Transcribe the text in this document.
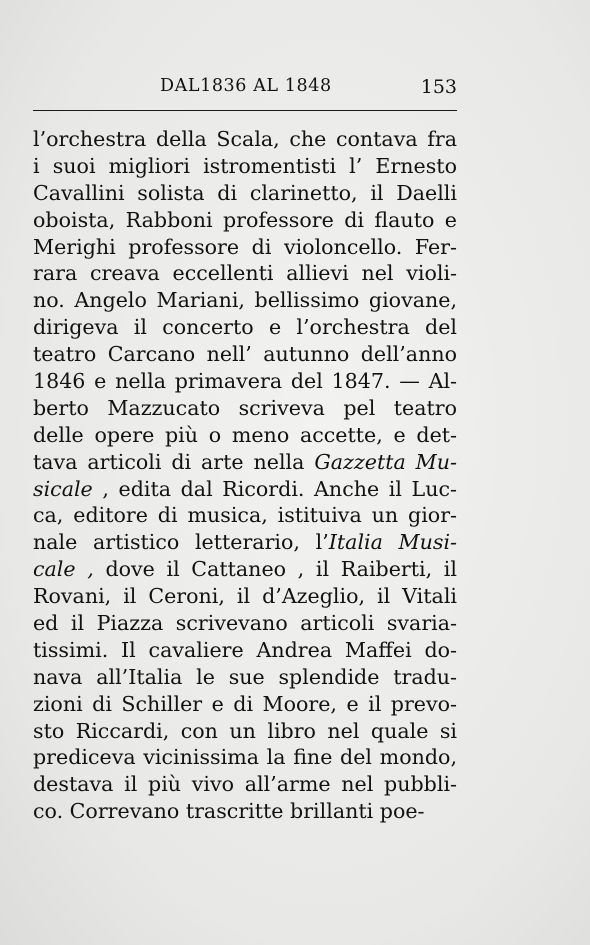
DAL1836 AL 1848	153
l’orchestra della Scala, che contava fra
i suoi migliori istromentisti l’ Ernesto
Cavallini solista di clarinetto, il Daelli
oboista, Rabboni professore di flauto e
Merighi professore di violoncello. Fer-
rara creava eccellenti allievi nel violi-
no. Angelo Mariani, bellissimo giovane,
dirigeva il concerto e l’orchestra del
teatro Carcano nell’ autunno dell’anno
1846 e nella primavera del 1847. — Al-
berto Mazzucato scriveva pel teatro
delle opere più o meno accette, e det-
tava articoli di arte nella Gazzetta Mu-
sicale , edita dal Ricordi. Anche il Luc-
ca, editore di musica, istituiva un gior-
nale artistico letterario, l’Italia Musi-
cale , dove il Cattaneo , il Raiberti, il
Rovani, il Ceroni, il d’Azeglio, il Vitali
ed il Piazza scrivevano articoli svaria-
tissimi. Il cavaliere Andrea Maffei do-
nava all’Italia le sue splendide tradu-
zioni di Schiller e di Moore, e il prevo-
sto Riccardi, con un libro nel quale si
prediceva vicinissima la fine del mondo,
destava il più vivo all’arme nel pubbli-
co. Correvano trascritte brillanti poe-
